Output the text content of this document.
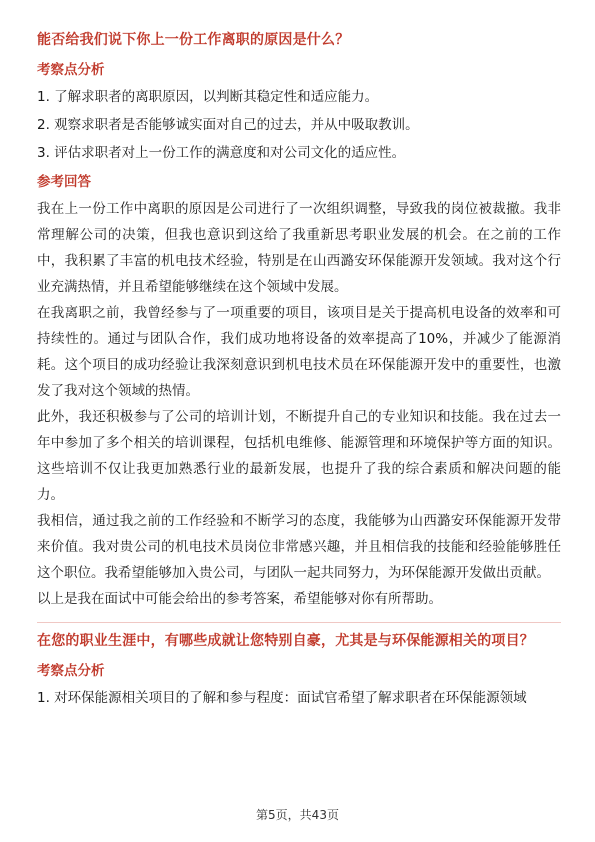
能否给我们说下你上一份工作离职的原因是什么？
考察点分析

1. 了解求职者的离职原因，以判断其稳定性和适应能力。

2. 观察求职者是否能够诚实面对自己的过去，并从中吸取教训。

3. 评估求职者对上一份工作的满意度和对公司文化的适应性。

参考回答

我在上一份工作中离职的原因是公司进行了一次组织调整，导致我的岗位被裁撤。我非常理解公司的决策，但我也意识到这给了我重新思考职业发展的机会。在之前的工作中，我积累了丰富的机电技术经验，特别是在山西潞安环保能源开发领域。我对这个行业充满热情，并且希望能够继续在这个领域中发展。

在我离职之前，我曾经参与了一项重要的项目，该项目是关于提高机电设备的效率和可持续性的。通过与团队合作，我们成功地将设备的效率提高了10%，并减少了能源消耗。这个项目的成功经验让我深刻意识到机电技术员在环保能源开发中的重要性，也激发了我对这个领域的热情。

此外，我还积极参与了公司的培训计划，不断提升自己的专业知识和技能。我在过去一年中参加了多个相关的培训课程，包括机电维修、能源管理和环境保护等方面的知识。这些培训不仅让我更加熟悉行业的最新发展，也提升了我的综合素质和解决问题的能力。

我相信，通过我之前的工作经验和不断学习的态度，我能够为山西潞安环保能源开发带来价值。我对贵公司的机电技术员岗位非常感兴趣，并且相信我的技能和经验能够胜任这个职位。我希望能够加入贵公司，与团队一起共同努力，为环保能源开发做出贡献。

以上是我在面试中可能会给出的参考答案，希望能够对你有所帮助。

在您的职业生涯中，有哪些成就让您特别自豪，尤其是与环保能源相关的项目？
考察点分析

1. 对环保能源相关项目的了解和参与程度：面试官希望了解求职者在环保能源领域

第5页，共43页
